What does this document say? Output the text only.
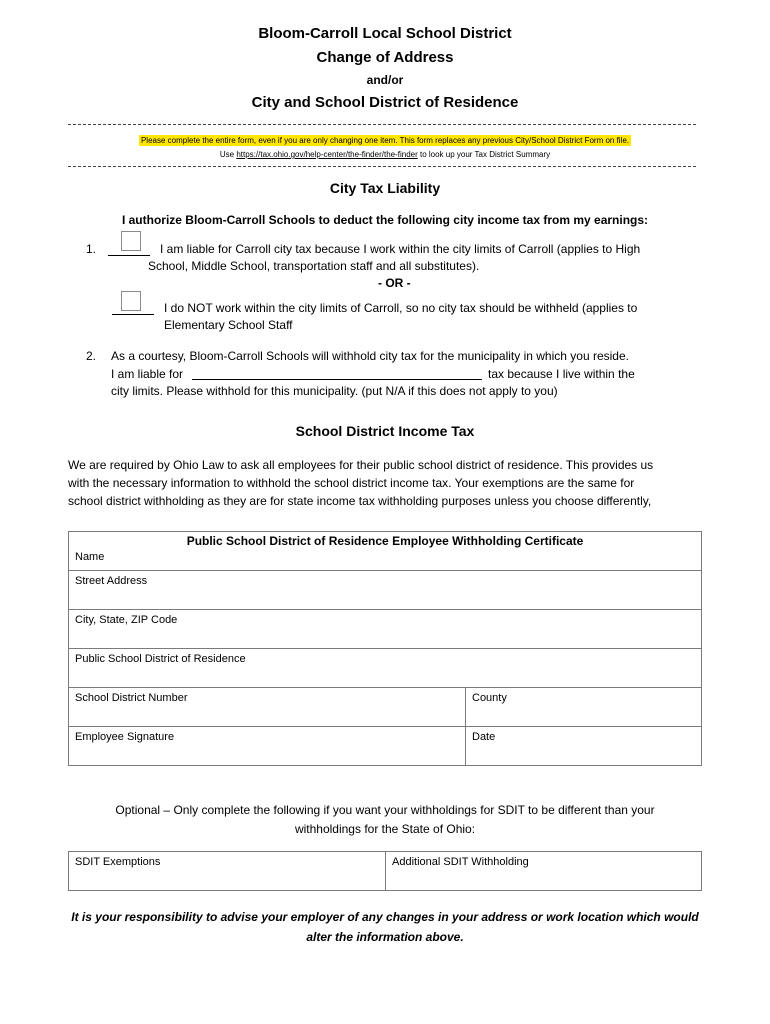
Bloom-Carroll Local School District
Change of Address
and/or
City and School District of Residence
Please complete the entire form, even if you are only changing one item. This form replaces any previous City/School District Form on file.
Use https://tax.ohio.gov/help-center/the-finder/the-finder to look up your Tax District Summary
City Tax Liability
I authorize Bloom-Carroll Schools to deduct the following city income tax from my earnings:
1.	I am liable for Carroll city tax because I work within the city limits of Carroll (applies to High
School, Middle School, transportation staff and all substitutes).
- OR -
I do NOT work within the city limits of Carroll, so no city tax should be withheld (applies to
Elementary School Staff
2. As a courtesy, Bloom-Carroll Schools will withhold city tax for the municipality in which you reside.
I am liable for	tax because I live within the
city limits. Please withhold for this municipality. (put N/A if this does not apply to you)
School District Income Tax
We are required by Ohio Law to ask all employees for their public school district of residence. This provides us
with the necessary information to withhold the school district income tax. Your exemptions are the same for
school district withholding as they are for state income tax withholding purposes unless you choose differently,
Public School District of Residence Employee Withholding Certificate
Name	

Street Address	
City, State, ZIP Code	
Public School District of Residence	
School District Number	County
Employee Signature	Date
Optional – Only complete the following if you want your withholdings for SDIT to be different than your
withholdings for the State of Ohio:
SDIT Exemptions	Additional SDIT Withholding
It is your responsibility to advise your employer of any changes in your address or work location which would
alter the information above.
